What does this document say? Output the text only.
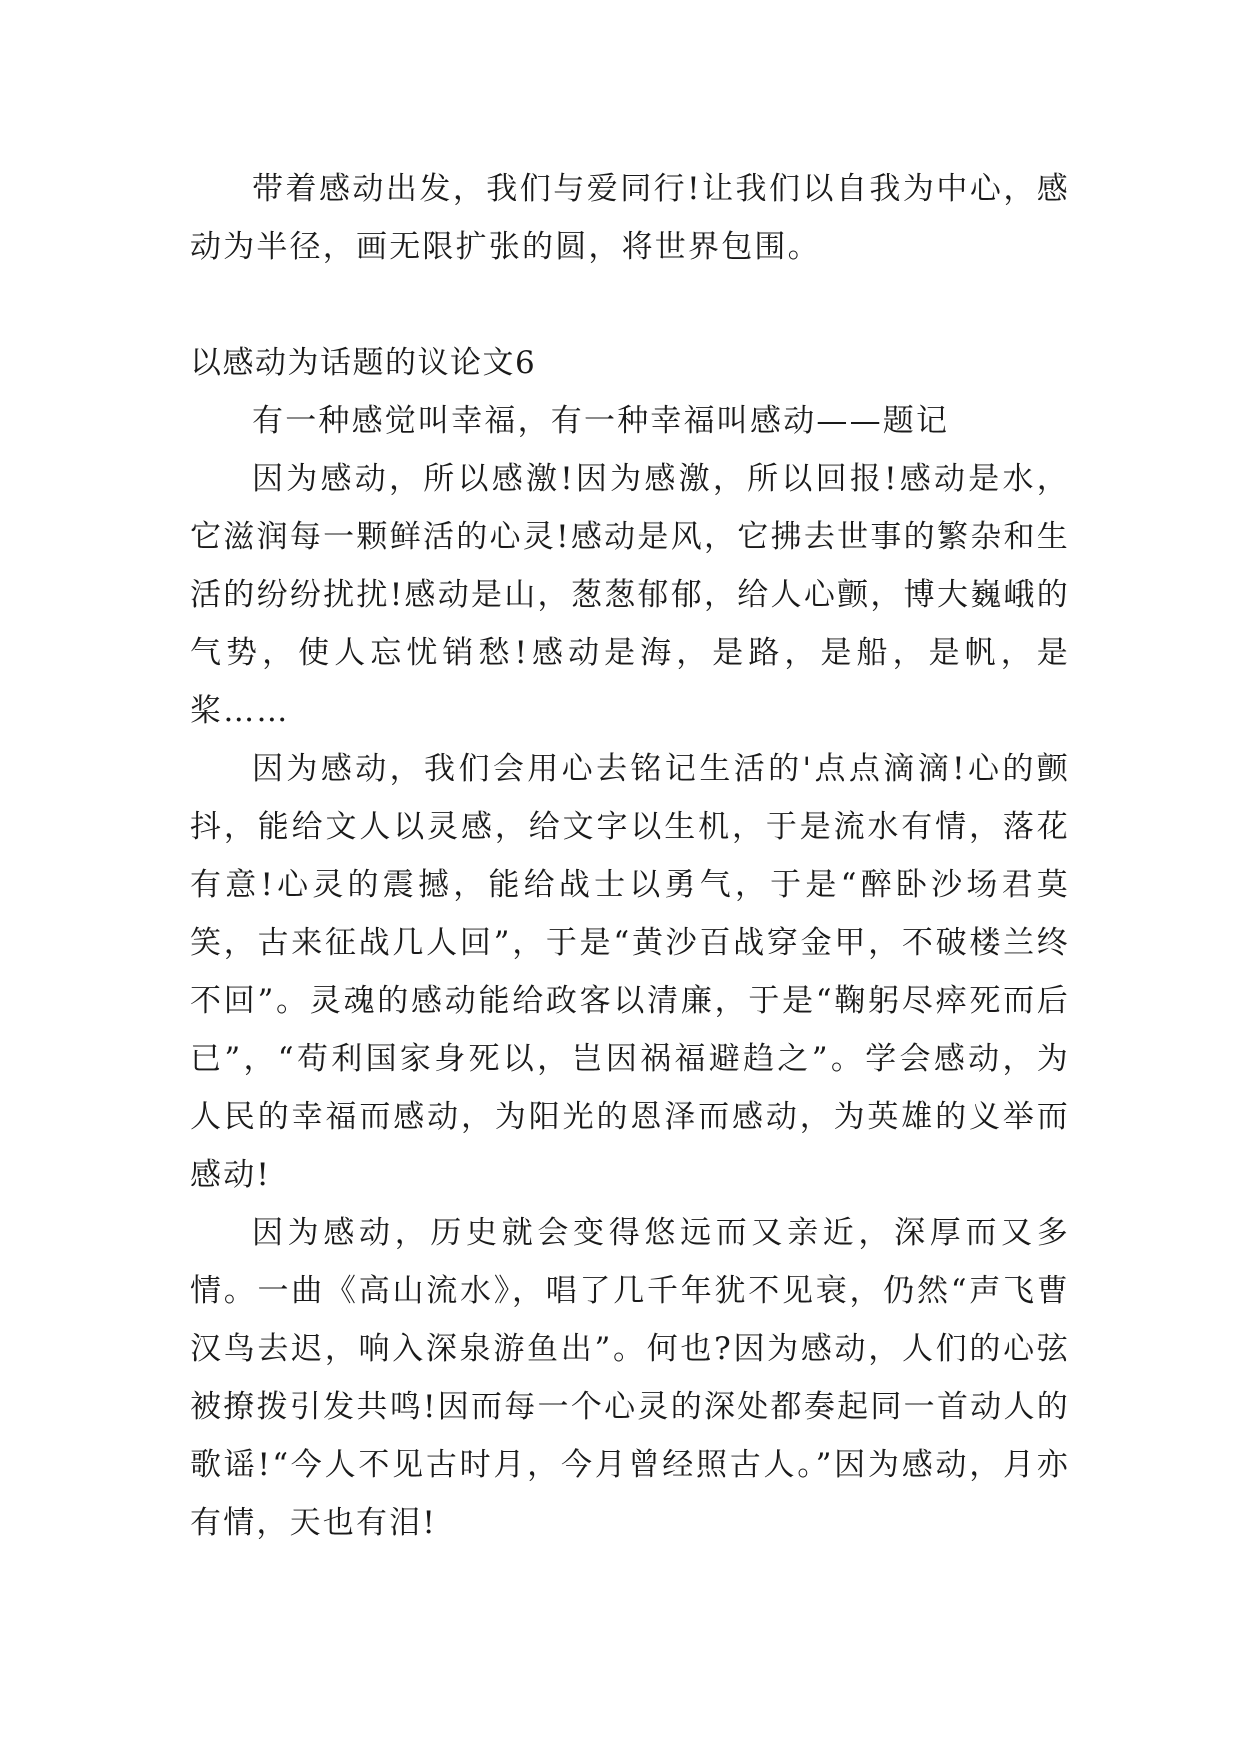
带着感动出发，我们与爱同行!让我们以自我为中心，感动为半径，画无限扩张的圆，将世界包围。

以感动为话题的议论文6

有一种感觉叫幸福，有一种幸福叫感动——题记

因为感动，所以感激!因为感激，所以回报!感动是水，它滋润每一颗鲜活的心灵!感动是风，它拂去世事的繁杂和生活的纷纷扰扰!感动是山，葱葱郁郁，给人心颤，博大巍峨的气势，使人忘忧销愁!感动是海，是路，是船，是帆，是桨……

因为感动，我们会用心去铭记生活的'点点滴滴!心的颤抖，能给文人以灵感，给文字以生机，于是流水有情，落花有意!心灵的震撼，能给战士以勇气，于是“醉卧沙场君莫笑，古来征战几人回”，于是“黄沙百战穿金甲，不破楼兰终不回”。灵魂的感动能给政客以清廉，于是“鞠躬尽瘁死而后已”，“苟利国家身死以，岂因祸福避趋之”。学会感动，为人民的幸福而感动，为阳光的恩泽而感动，为英雄的义举而感动!

因为感动，历史就会变得悠远而又亲近，深厚而又多情。一曲《高山流水》，唱了几千年犹不见衰，仍然“声飞曹汉鸟去迟，响入深泉游鱼出”。何也?因为感动，人们的心弦被撩拨引发共鸣!因而每一个心灵的深处都奏起同一首动人的歌谣!“今人不见古时月，今月曾经照古人。”因为感动，月亦有情，天也有泪!
